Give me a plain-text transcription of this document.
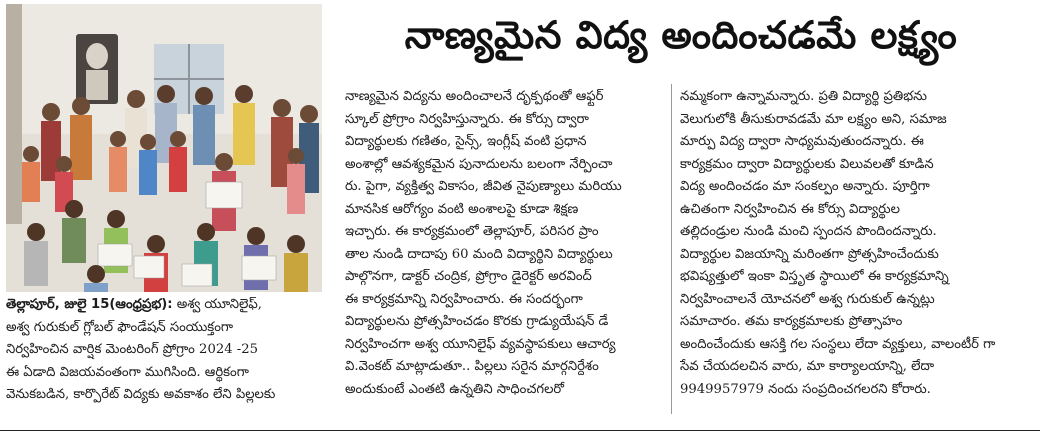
నాణ్యమైన విద్య అందించడమే లక్ష్యం
తెల్లాపూర్, జులై 15(ఆంధ్రప్రభ): అశ్వ యూనిలైఫ్,
అశ్వ గురుకుల్ గ్లోబల్ ఫౌండేషన్ సంయుక్తంగా
నిర్వహించిన వార్షిక మెంటరింగ్ ప్రోగ్రాం 2024 -25
ఈ ఏడాది విజయవంతంగా ముగిసింది. ఆర్థికంగా
వెనుకబడిన, కార్పొరేట్ విద్యకు అవకాశం లేని పిల్లలకు
నాణ్యమైన విద్యను అందించాలనే దృక్పథంతో ఆఫ్టర్
స్కూల్ ప్రోగ్రాం నిర్వహిస్తున్నారు. ఈ కోర్సు ద్వారా
విద్యార్థులకు గణితం, సైన్స్, ఇంగ్లీష్ వంటి ప్రధాన
అంశాల్లో ఆవశ్యకమైన పునాదులను బలంగా నేర్పించా
రు. పైగా, వ్యక్తిత్వ వికాసం, జీవిత నైపుణ్యాలు మరియు
మానసిక ఆరోగ్యం వంటి అంశాలపై కూడా శిక్షణ
ఇచ్చారు. ఈ కార్యక్రమంలో తెల్లాపూర్, పరిసర ప్రాం
తాల నుండి దాదాపు 60 మంది విద్యార్థిని విద్యార్థులు
పాల్గొనగా, డాక్టర్ చంద్రిక, ప్రోగ్రాం డైరెక్టర్ అరవింద్
ఈ కార్యక్రమాన్ని నిర్వహించారు. ఈ సందర్భంగా
విద్యార్థులను ప్రోత్సహించడం కొరకు గ్రాడ్యుయేషన్ డే
నిర్వహించగా అశ్వ యూనిలైఫ్ వ్యవస్థాపకులు ఆచార్య
వి.వెంకట్ మాట్లాడుతూ.. పిల్లలు సరైన మార్గనిర్దేశం
అందుకుంటే ఎంతటి ఉన్నతిని సాధించగలరో
నమ్మకంగా ఉన్నామన్నారు. ప్రతి విద్యార్థి ప్రతిభను
వెలుగులోకి తీసుకురావడమే మా లక్ష్యం అని, సమాజ
మార్పు విద్య ద్వారా సాధ్యమవుతుందన్నారు. ఈ
కార్యక్రమం ద్వారా విద్యార్థులకు విలువలతో కూడిన
విద్య అందించడం మా సంకల్పం అన్నారు. పూర్తిగా
ఉచితంగా నిర్వహించిన ఈ కోర్సు విద్యార్థుల
తల్లిదండ్రుల నుండి మంచి స్పందన పొందిందన్నారు.
విద్యార్థుల విజయాన్ని మరింతగా ప్రోత్సహించేందుకు
భవిష్యత్తులో ఇంకా విస్తృత స్థాయిలో ఈ కార్యక్రమాన్ని
నిర్వహించాలనే యోచనలో అశ్వ గురుకుల్ ఉన్నట్లు
సమాచారం. తమ కార్యక్రమాలకు ప్రోత్సాహం
అందించేందుకు ఆసక్తి గల సంస్థలు లేదా వ్యక్తులు, వాలంటీర్ గా
సేవ చేయదలచిన వారు, మా కార్యాలయాన్ని, లేదా
9949957979 నందు సంప్రదించగలరని కోరారు.
